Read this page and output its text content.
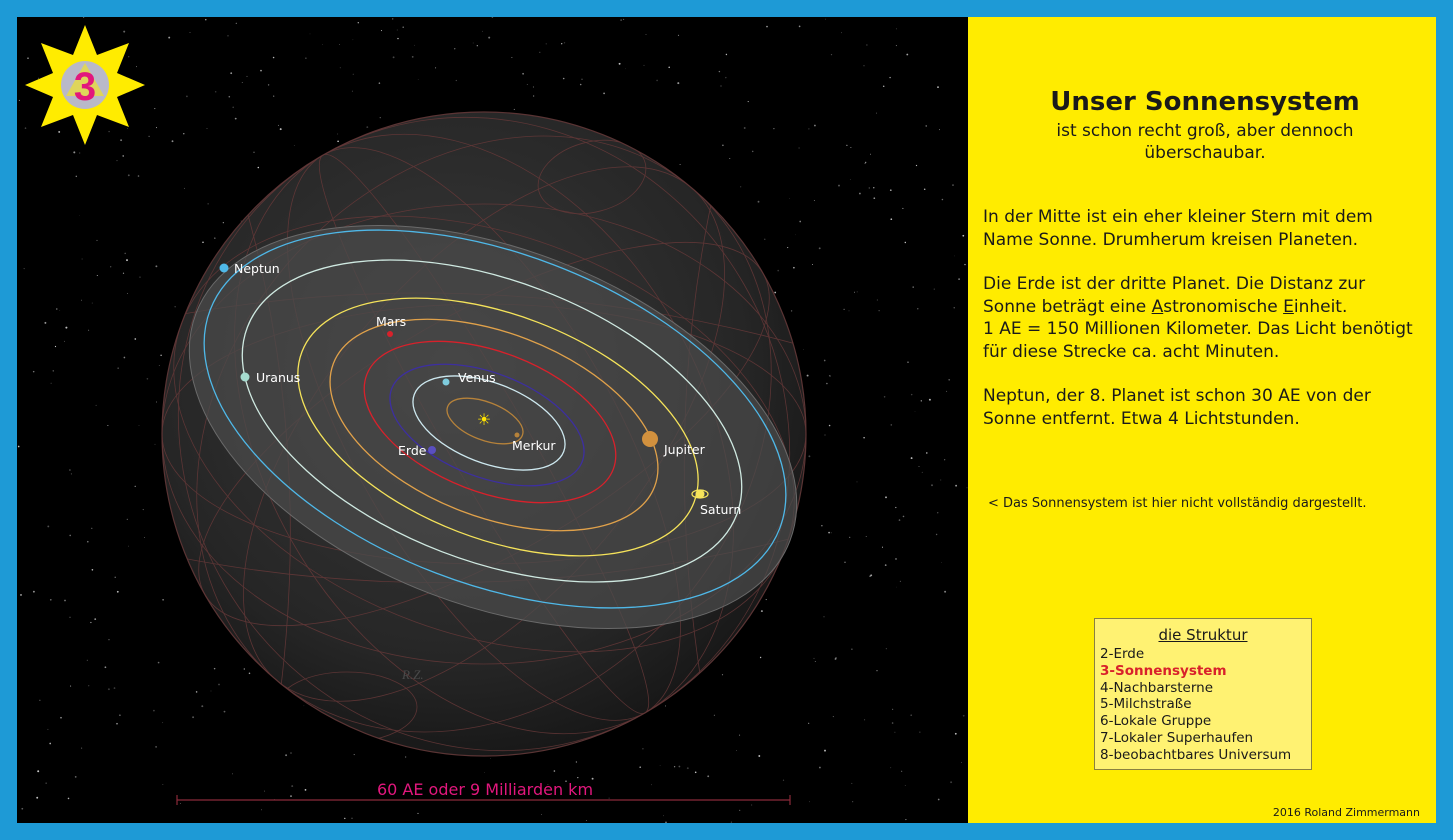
3
R.Z.
☀
Neptun
Uranus
Mars
Venus
Merkur
Erde	Jupiter
Saturn
60 AE oder 9 Milliarden km
Unser Sonnensystem
ist schon recht groß, aber dennoch überschaubar.
In der Mitte ist ein eher kleiner Stern mit dem Name Sonne. Drumherum kreisen Planeten.
Die Erde ist der dritte Planet. Die Distanz zur Sonne beträgt eine Astronomische Einheit.
1 AE = 150 Millionen Kilometer. Das Licht benötigt für diese Strecke ca. acht Minuten.
Neptun, der 8. Planet ist schon 30 AE von der Sonne entfernt. Etwa 4 Lichtstunden.
< Das Sonnensystem ist hier nicht vollständig dargestellt.
die Struktur
2-Erde
3-Sonnensystem
4-Nachbarsterne
5-Milchstraße
6-Lokale Gruppe
7-Lokaler Superhaufen
8-beobachtbares Universum
2016 Roland Zimmermann
